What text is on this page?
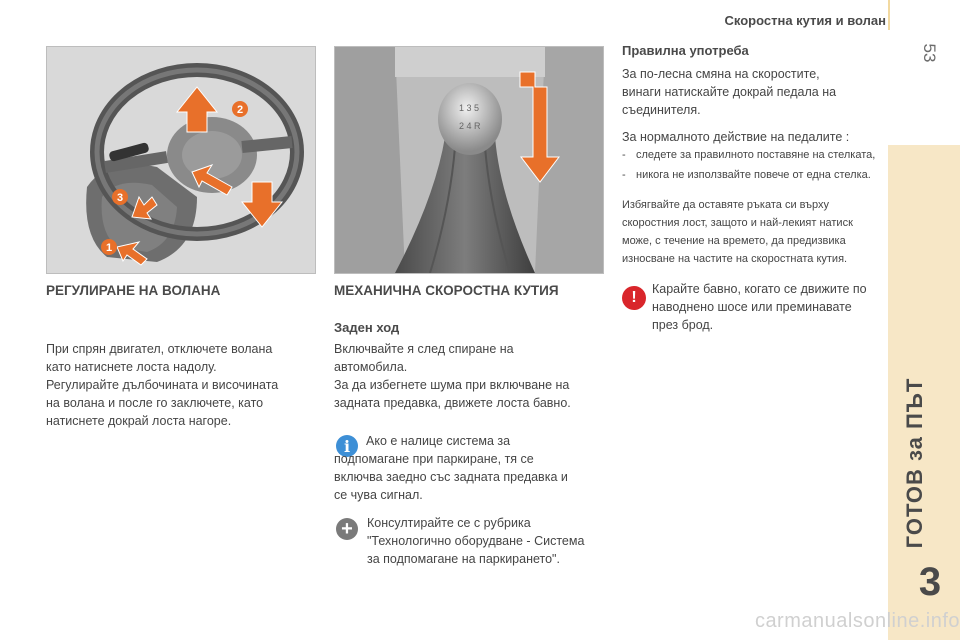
Скоростна кутия и волан
53
ГОТОВ за ПЪТ
3
2
3
1
1 3 5
2 4 R
РЕГУЛИРАНЕ НА ВОЛАНА
При спрян двигател, отключете волана
като натиснете лоста надолу.
Регулирайте дълбочината и височината
на волана и после го заключете, като
натиснете докрай лоста нагоре.
МЕХАНИЧНА СКОРОСТНА КУТИЯ
Заден ход
Включвайте я след спиране на
автомобила.
За да избегнете шума при включване на
задната предавка, движете лоста бавно.
i	Ако е налице система за
подпомагане при паркиране, тя се
включва заедно със задната предавка и
се чува сигнал.
+	Консултирайте се с рубрика
"Технологично оборудване - Система
за подпомагане на паркирането".
Правилна употреба
За по-лесна смяна на скоростите,
винаги натискайте докрай педала на
съединителя.
За нормалното действие на педалите :
- следете за правилното поставяне на стелката,
- никога не използвайте повече от една стелка.
Избягвайте да оставяте ръката си върху
скоростния лост, защото и най-лекият натиск
може, с течение на времето, да предизвика
износване на частите на скоростната кутия.
!	Карайте бавно, когато се движите по
наводнено шосе или преминавате
през брод.
carmanualsonline.info
